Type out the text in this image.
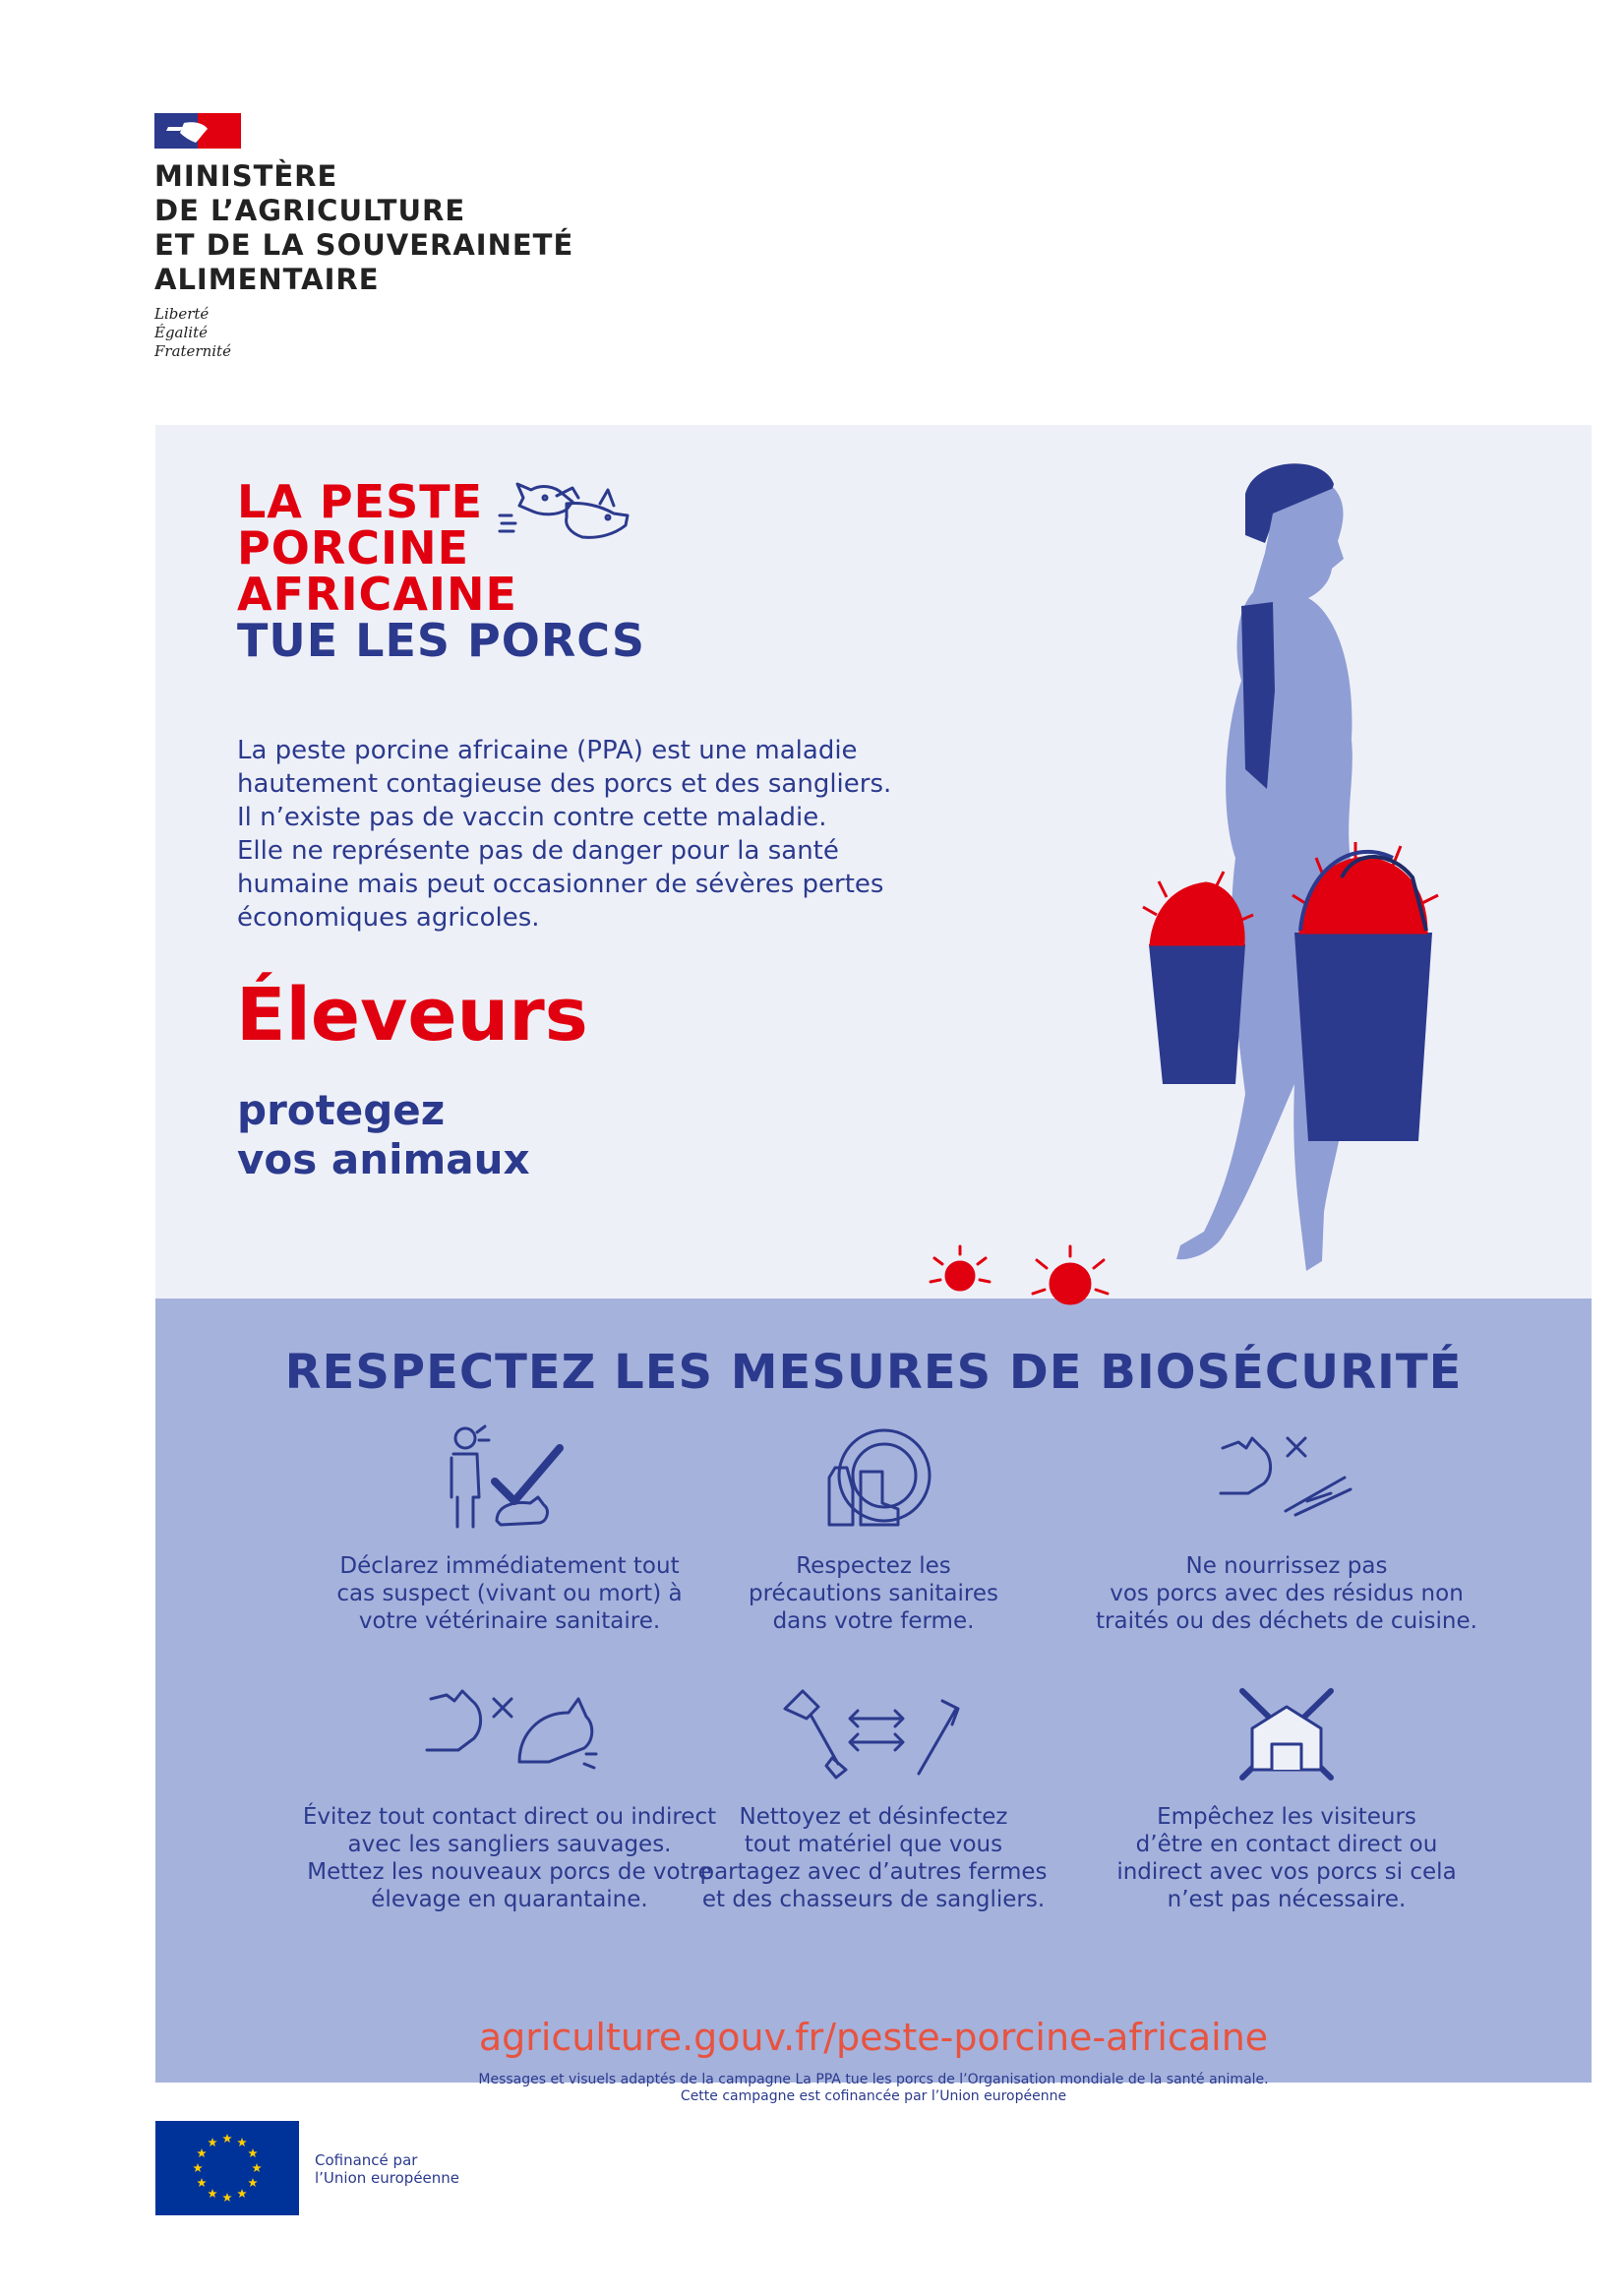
MINISTÈRE
DE L’AGRICULTURE
ET DE LA SOUVERAINETÉ
ALIMENTAIRE
Liberté
Égalité
Fraternité
LA PESTE
PORCINE
AFRICAINE
TUE LES PORCS
La peste porcine africaine (PPA) est une maladie
hautement contagieuse des porcs et des sangliers.
Il n’existe pas de vaccin contre cette maladie.
Elle ne représente pas de danger pour la santé
humaine mais peut occasionner de sévères pertes
économiques agricoles.
Éleveurs
protegez
vos animaux
RESPECTEZ LES MESURES DE BIOSÉCURITÉ

Déclarez immédiatement tout
cas suspect (vivant ou mort) à
votre vétérinaire sanitaire.

Respectez les
précautions sanitaires
dans votre ferme.

Ne nourrissez pas
vos porcs avec des résidus non
traités ou des déchets de cuisine.

Évitez tout contact direct ou indirect
avec les sangliers sauvages.
Mettez les nouveaux porcs de votre
élevage en quarantaine.

Nettoyez et désinfectez
tout matériel que vous
partagez avec d’autres fermes
et des chasseurs de sangliers.

Empêchez les visiteurs
d’être en contact direct ou
indirect avec vos porcs si cela
n’est pas nécessaire.

agriculture.gouv.fr/peste-porcine-africaine
Messages et visuels adaptés de la campagne La PPA tue les porcs de l’Organisation mondiale de la santé animale.
Cette campagne est cofinancée par l’Union européenne
Cofinancé par
l’Union européenne
